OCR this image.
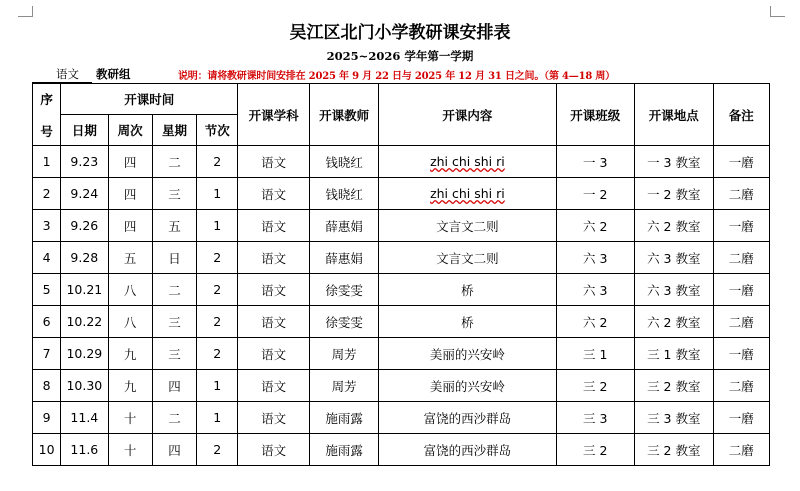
吴江区北门小学教研课安排表
2025~2026 学年第一学期
语文	教研组	说明：请将教研课时间安排在 2025 年 9 月 22 日与 2025 年 12 月 31 日之间。（第 4—18 周）
序
号	开课时间				开课学科	开课教师	开课内容	开课班级	开课地点	备注
	日期	周次	星期	节次						
1	9.23	四	二	2	语文	钱晓红	zhi chi shi ri	一 3	一 3 教室	一磨
2	9.24	四	三	1	语文	钱晓红	zhi chi shi ri	一 2	一 2 教室	二磨
3	9.26	四	五	1	语文	薛惠娟	文言文二则	六 2	六 2 教室	一磨
4	9.28	五	日	2	语文	薛惠娟	文言文二则	六 3	六 3 教室	二磨
5	10.21	八	二	2	语文	徐雯雯	桥	六 3	六 3 教室	一磨
6	10.22	八	三	2	语文	徐雯雯	桥	六 2	六 2 教室	二磨
7	10.29	九	三	2	语文	周芳	美丽的兴安岭	三 1	三 1 教室	一磨
8	10.30	九	四	1	语文	周芳	美丽的兴安岭	三 2	三 2 教室	二磨
9	11.4	十	二	1	语文	施雨露	富饶的西沙群岛	三 3	三 3 教室	一磨
10	11.6	十	四	2	语文	施雨露	富饶的西沙群岛	三 2	三 2 教室	二磨
